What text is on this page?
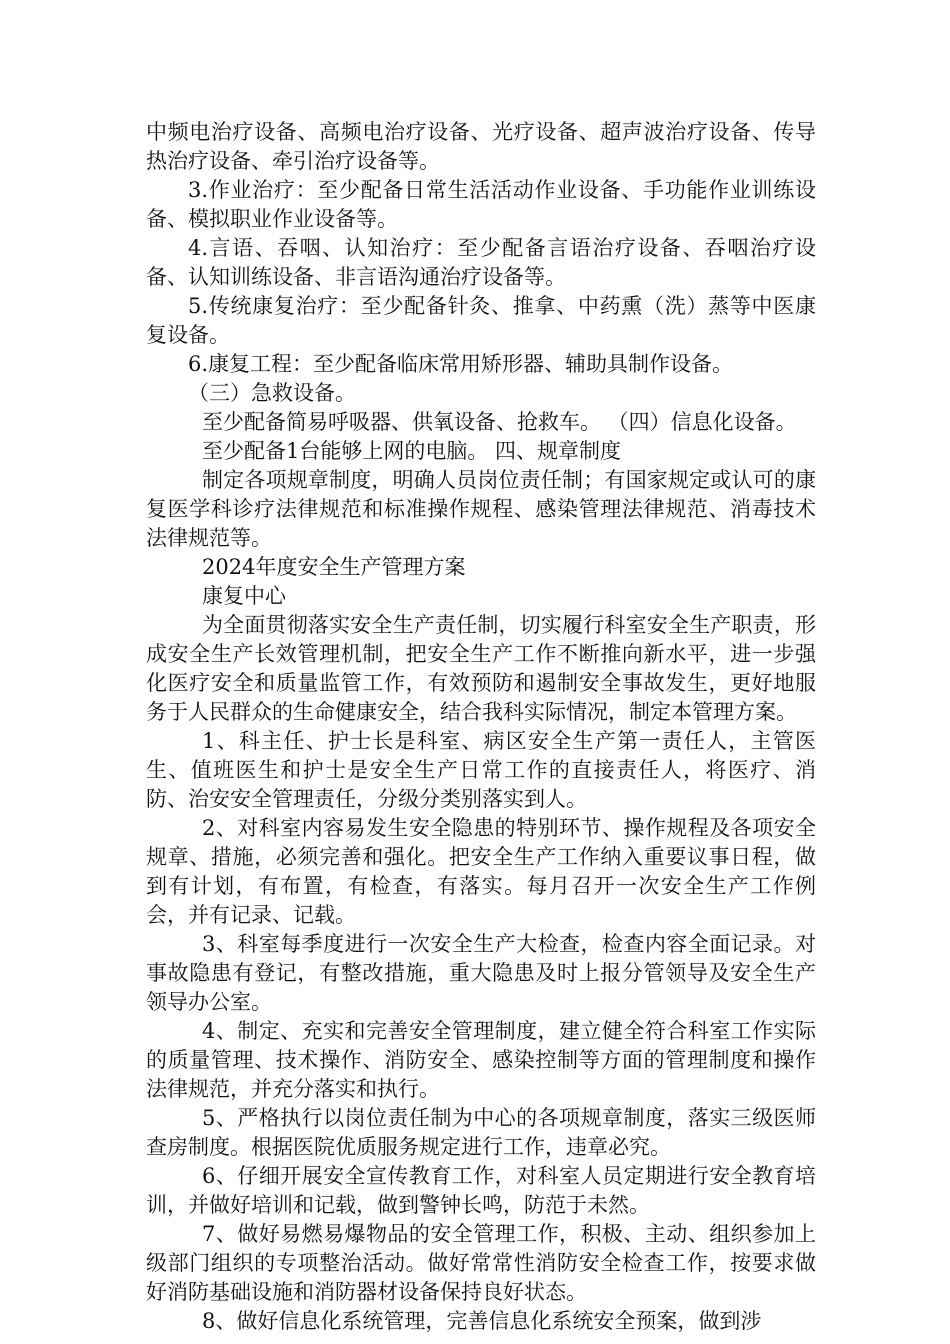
中频电治疗设备、高频电治疗设备、光疗设备、超声波治疗设备、传导热治疗设备、牵引治疗设备等。

3.作业治疗：至少配备日常生活活动作业设备、手功能作业训练设备、模拟职业作业设备等。

4.言语、吞咽、认知治疗：至少配备言语治疗设备、吞咽治疗设备、认知训练设备、非言语沟通治疗设备等。

5.传统康复治疗：至少配备针灸、推拿、中药熏（洗）蒸等中医康复设备。

6.康复工程：至少配备临床常用矫形器、辅助具制作设备。

（三）急救设备。

至少配备简易呼吸器、供氧设备、抢救车。 （四）信息化设备。

至少配备1台能够上网的电脑。 四、规章制度

制定各项规章制度，明确人员岗位责任制；有国家规定或认可的康复医学科诊疗法律规范和标准操作规程、感染管理法律规范、消毒技术法律规范等。

2024年度安全生产管理方案

康复中心

为全面贯彻落实安全生产责任制，切实履行科室安全生产职责，形成安全生产长效管理机制，把安全生产工作不断推向新水平，进一步强化医疗安全和质量监管工作，有效预防和遏制安全事故发生，更好地服务于人民群众的生命健康安全，结合我科实际情况，制定本管理方案。

1、科主任、护士长是科室、病区安全生产第一责任人，主管医生、值班医生和护士是安全生产日常工作的直接责任人，将医疗、消防、治安安全管理责任，分级分类别落实到人。

2、对科室内容易发生安全隐患的特别环节、操作规程及各项安全规章、措施，必须完善和强化。把安全生产工作纳入重要议事日程，做到有计划，有布置，有检查，有落实。每月召开一次安全生产工作例会，并有记录、记载。

3、科室每季度进行一次安全生产大检查，检查内容全面记录。对事故隐患有登记，有整改措施，重大隐患及时上报分管领导及安全生产领导办公室。

4、制定、充实和完善安全管理制度，建立健全符合科室工作实际的质量管理、技术操作、消防安全、感染控制等方面的管理制度和操作法律规范，并充分落实和执行。

5、严格执行以岗位责任制为中心的各项规章制度，落实三级医师查房制度。根据医院优质服务规定进行工作，违章必究。

6、仔细开展安全宣传教育工作，对科室人员定期进行安全教育培训，并做好培训和记载，做到警钟长鸣，防范于未然。

7、做好易燃易爆物品的安全管理工作，积极、主动、组织参加上级部门组织的专项整治活动。做好常常性消防安全检查工作，按要求做好消防基础设施和消防器材设备保持良好状态。

8、做好信息化系统管理，完善信息化系统安全预案，做到涉
